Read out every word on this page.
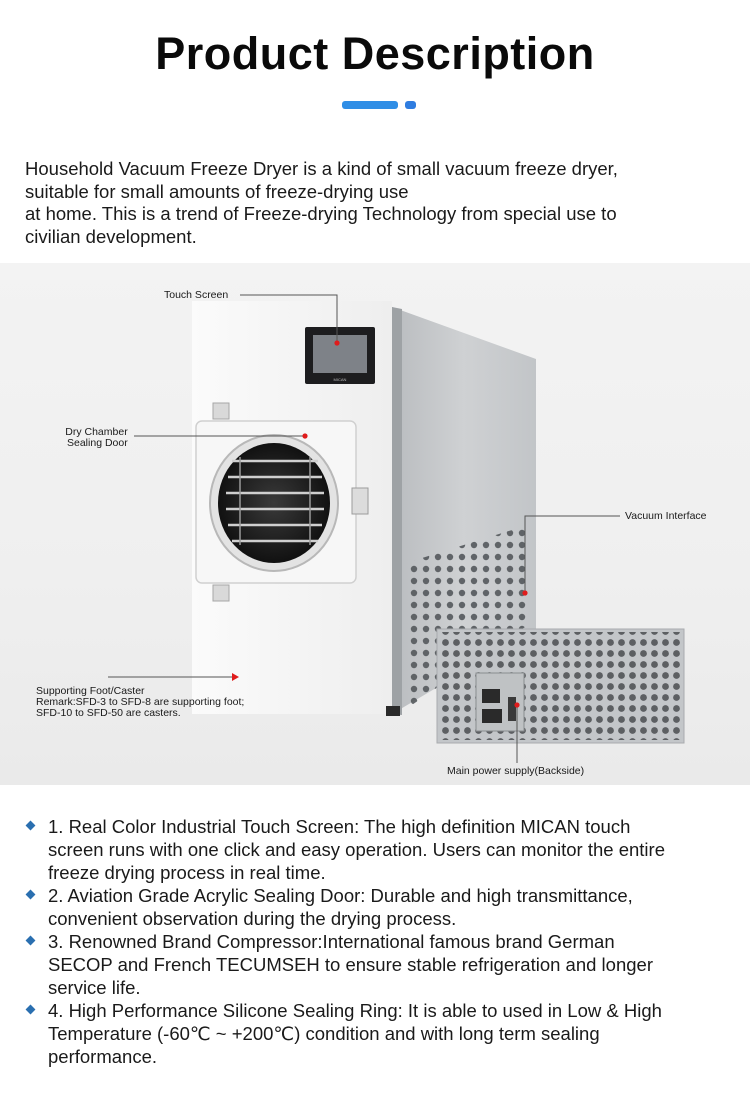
Product Description
Household Vacuum Freeze Dryer is a kind of small vacuum freeze dryer,
suitable for small amounts of freeze-drying use
at home. This is a trend of Freeze-drying Technology from special use to
civilian development.
MICAN
Touch Screen
Dry Chamber
Sealing Door
Vacuum Interface
Supporting Foot/Caster
Remark:SFD-3 to SFD-8 are supporting foot;
SFD-10 to SFD-50 are casters.
Main power supply(Backside)
1. Real Color Industrial Touch Screen: The high definition MICAN touch
screen runs with one click and easy operation. Users can monitor the entire
freeze drying process in real time.
2. Aviation Grade Acrylic Sealing Door: Durable and high transmittance,
convenient observation during the drying process.
3. Renowned Brand Compressor:International famous brand German
SECOP and French TECUMSEH to ensure stable refrigeration and longer
service life.
4. High Performance Silicone Sealing Ring: It is able to used in Low & High
Temperature (-60℃ ~ +200℃) condition and with long term sealing
performance.
